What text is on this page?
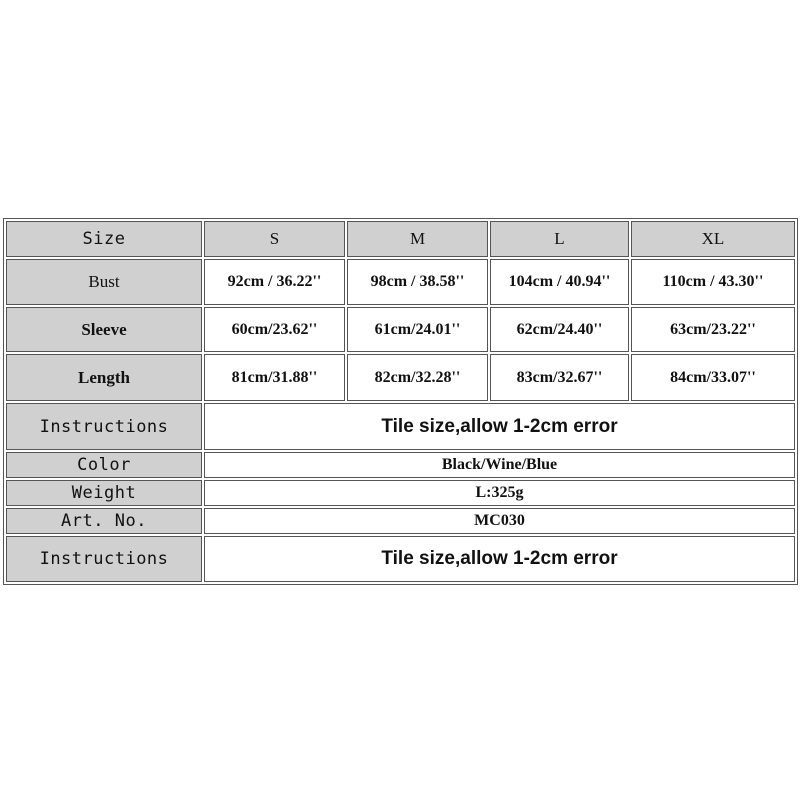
Size	S	M	L	XL
Bust	92cm / 36.22''	98cm / 38.58''	104cm / 40.94''	110cm / 43.30''
Sleeve	60cm/23.62''	61cm/24.01''	62cm/24.40''	63cm/23.22''
Length	81cm/31.88''	82cm/32.28''	83cm/32.67''	84cm/33.07''
Instructions	Tile size,allow 1-2cm error			
Color	Black/Wine/Blue			
Weight	L:325g			
Art. No.	MC030			
Instructions	Tile size,allow 1-2cm error			
